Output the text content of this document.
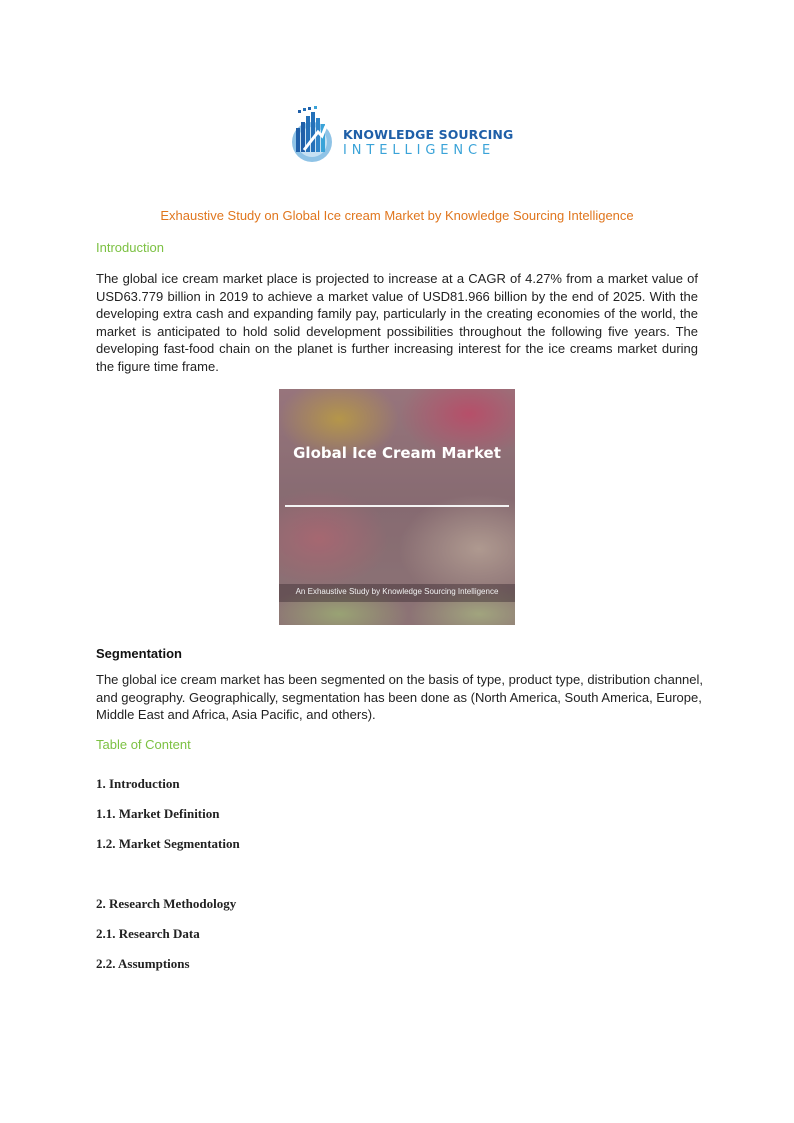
KNOWLEDGE SOURCING
INTELLIGENCE
Exhaustive Study on Global Ice cream Market by Knowledge Sourcing Intelligence
Introduction

The global ice cream market place is projected to increase at a CAGR of 4.27% from a market value of USD63.779 billion in 2019 to achieve a market value of USD81.966 billion by the end of 2025. With the developing extra cash and expanding family pay, particularly in the creating economies of the world, the market is anticipated to hold solid development possibilities throughout the following five years. The developing fast-food chain on the planet is further increasing interest for the ice creams market during the figure time frame.

Global Ice Cream Market
An Exhaustive Study by Knowledge Sourcing Intelligence
Segmentation

The global ice cream market has been segmented on the basis of type, product type, distribution channel, and geography. Geographically, segmentation has been done as (North America, South America, Europe, Middle East and Africa, Asia Pacific, and others).

Table of Content
1. Introduction
1.1. Market Definition
1.2. Market Segmentation
2. Research Methodology
2.1. Research Data
2.2. Assumptions
